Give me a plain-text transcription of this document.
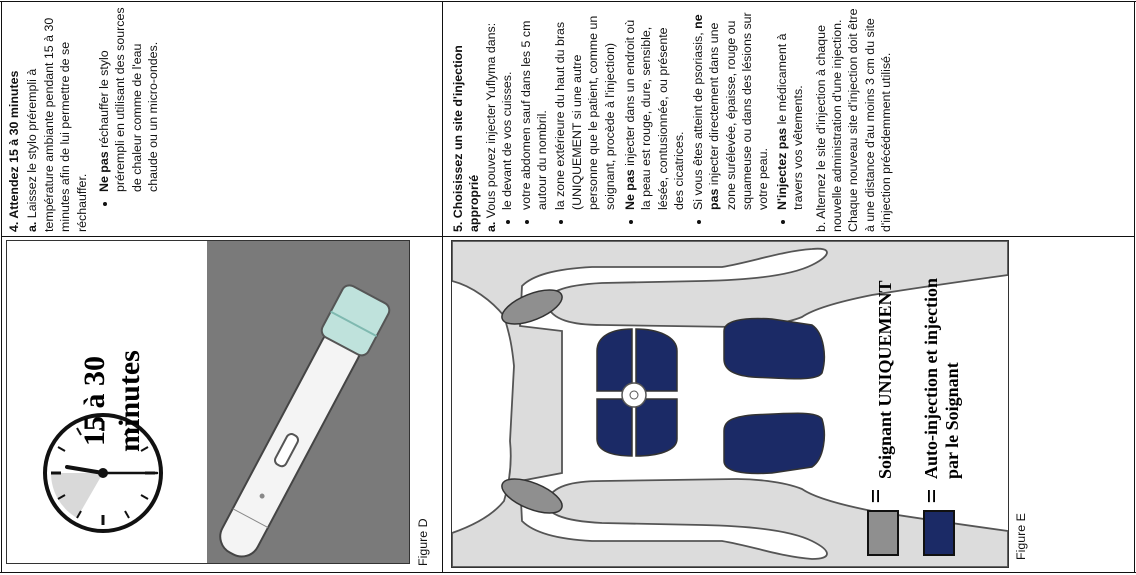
4. Attendez 15 à 30 minutes a. Laissez le stylo prérempli à température ambiante pendant 15 à 30 minutes afin de lui permettre de se réchauffer.

• Ne pas réchauffer le stylo prérempli en utilisant des sources de chaleur comme de l'eau chaude ou un micro-ondes.	5. Choisissez un site d'injection approprié a. Vous pouvez injecter Yuflyma dans: • le devant de vos cuisses. • votre abdomen sauf dans les 5 cm autour du nombril. • la zone extérieure du haut du bras (UNIQUEMENT si une autre personne que le patient, comme un soignant, procède à l'injection) • Ne pas injecter dans un endroit où la peau est rouge, dure, sensible, lésée, contusionnée, ou présente des cicatrices. • Si vous êtes atteint de psoriasis, ne pas injecter directement dans une zone surélevée, épaisse, rouge ou squameuse ou dans des lésions sur votre peau. • N'injectez pas le médicament à travers vos vêtements.

b. Alternez le site d'injection à chaque nouvelle administration d'une injection. Chaque nouveau site d'injection doit être à une distance d'au moins 3 cm du site d'injection précédemment utilisé.

15 à 30 minutes
Figure D
=
Soignant UNIQUEMENT
=
Auto-injection et injection par le Soignant
Figure E
